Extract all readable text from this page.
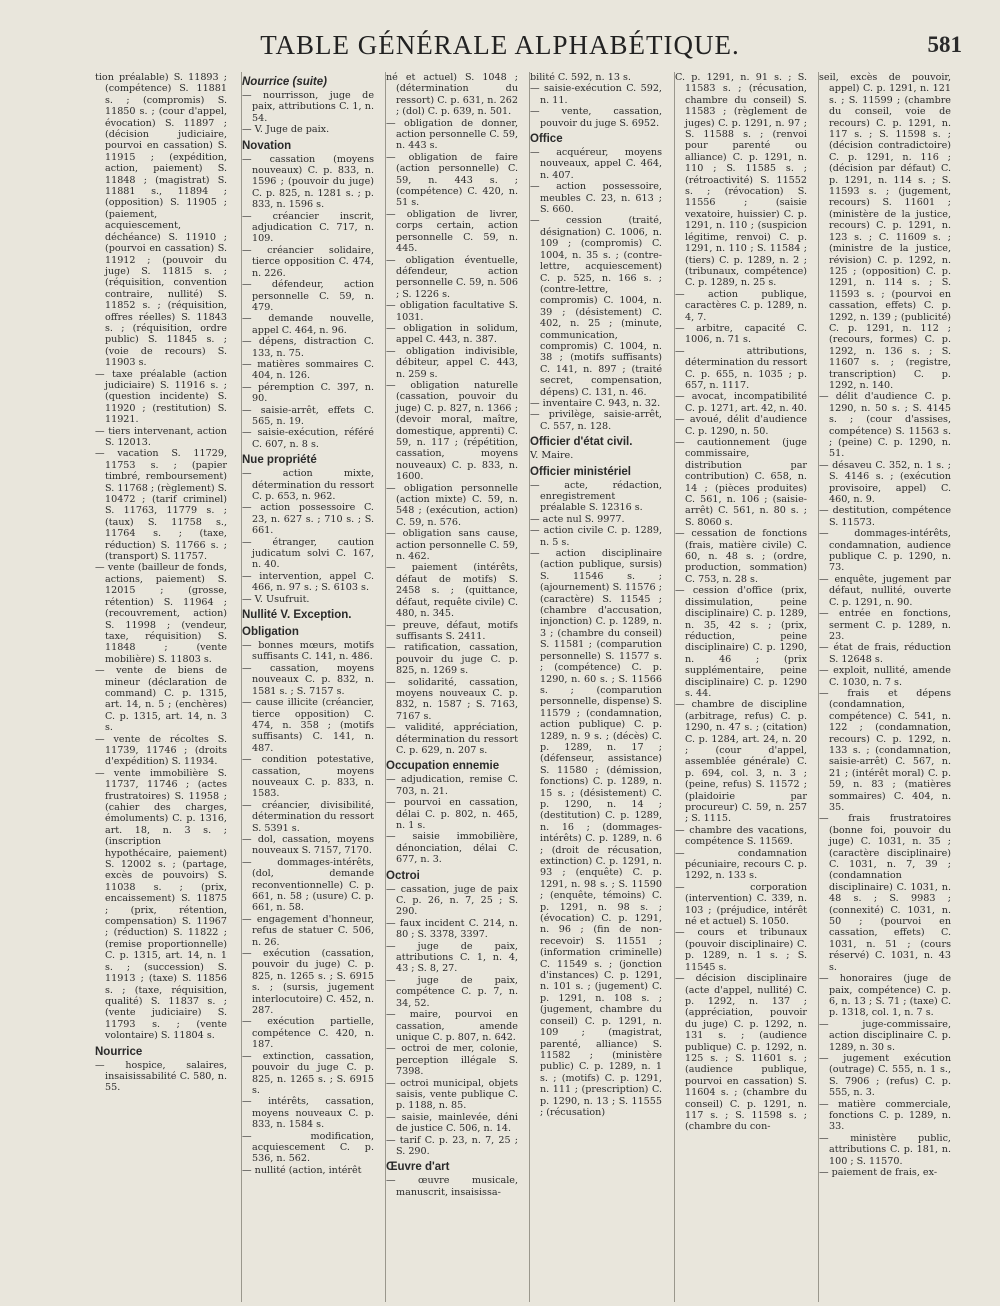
TABLE GÉNÉRALE ALPHABÉTIQUE.	581
tion préalable) S. 11893 ; (compétence) S. 11881 s. ; (compromis) S. 11850 s. ; (cour d'appel, évocation) S. 11897 ; (décision judiciaire, pourvoi en cassation) S. 11915 ; (expédition, action, paiement) S. 11848 ; (magistrat) S. 11881 s., 11894 ; (opposition) S. 11905 ; (paiement, acquiescement, déchéance) S. 11910 ; (pourvoi en cassation) S. 11912 ; (pouvoir du juge) S. 11815 s. ; (réquisition, convention contraire, nullité) S. 11852 s. ; (réquisition, offres réelles) S. 11843 s. ; (réquisition, ordre public) S. 11845 s. ; (voie de recours) S. 11903 s.
— taxe préalable (action judiciaire) S. 11916 s. ; (question incidente) S. 11920 ; (restitution) S. 11921.
— tiers intervenant, action S. 12013.
— vacation S. 11729, 11753 s. ; (papier timbré, remboursement) S. 11768 ; (règlement) S. 10472 ; (tarif criminel) S. 11763, 11779 s. ; (taux) S. 11758 s., 11764 s. ; (taxe, réduction) S. 11766 s. ; (transport) S. 11757.
— vente (bailleur de fonds, actions, paiement) S. 12015 ; (grosse, rétention) S. 11964 ; (recouvrement, action) S. 11998 ; (vendeur, taxe, réquisition) S. 11848 ; (vente mobilière) S. 11803 s.
— vente de biens de mineur (déclaration de command) C. p. 1315, art. 14, n. 5 ; (enchères) C. p. 1315, art. 14, n. 3 s.
— vente de récoltes S. 11739, 11746 ; (droits d'expédition) S. 11934.
— vente immobilière S. 11737, 11746 ; (actes frustratoires) S. 11958 ; (cahier des charges, émoluments) C. p. 1316, art. 18, n. 3 s. ; (inscription hypothécaire, paiement) S. 12002 s. ; (partage, excès de pouvoirs) S. 11038 s. ; (prix, encaissement) S. 11875 ; (prix, rétention, compensation) S. 11967 ; (réduction) S. 11822 ; (remise proportionnelle) C. p. 1315, art. 14, n. 1 s. ; (succession) S. 11913 ; (taxe) S. 11856 s. ; (taxe, réquisition, qualité) S. 11837 s. ; (vente judiciaire) S. 11793 s. ; (vente volontaire) S. 11804 s.
Nourrice
— hospice, salaires, insaisissabilité C. 580, n. 55.
Nourrice (suite)
— nourrisson, juge de paix, attributions C. 1, n. 54.
— V. Juge de paix.
Novation
— cassation (moyens nouveaux) C. p. 833, n. 1596 ; (pouvoir du juge) C. p. 825, n. 1281 s. ; p. 833, n. 1596 s.
— créancier inscrit, adjudication C. 717, n. 109.
— créancier solidaire, tierce opposition C. 474, n. 226.
— défendeur, action personnelle C. 59, n. 479.
— demande nouvelle, appel C. 464, n. 96.
— dépens, distraction C. 133, n. 75.
— matières sommaires C. 404, n. 126.
— péremption C. 397, n. 90.
— saisie-arrêt, effets C. 565, n. 19.
— saisie-exécution, référé C. 607, n. 8 s.
Nue propriété
— action mixte, détermination du ressort C. p. 653, n. 962.
— action possessoire C. 23, n. 627 s. ; 710 s. ; S. 661.
— étranger, caution judicatum solvi C. 167, n. 40.
— intervention, appel C. 466, n. 97 s. ; S. 6103 s.
— V. Usufruit.
Nullité V. Exception.
Obligation
— bonnes mœurs, motifs suffisants C. 141, n. 486.
— cassation, moyens nouveaux C. p. 832, n. 1581 s. ; S. 7157 s.
— cause illicite (créancier, tierce opposition) C. 474, n. 358 ; (motifs suffisants) C. 141, n. 487.
— condition potestative, cassation, moyens nouveaux C. p. 833, n. 1583.
— créancier, divisibilité, détermination du ressort S. 5391 s.
— dol, cassation, moyens nouveaux S. 7157, 7170.
— dommages-intérêts, (dol, demande reconventionnelle) C. p. 661, n. 58 ; (usure) C. p. 661, n. 58.
— engagement d'honneur, refus de statuer C. 506, n. 26.
— exécution (cassation, pouvoir du juge) C. p. 825, n. 1265 s. ; S. 6915 s. ; (sursis, jugement interlocutoire) C. 452, n. 287.
— exécution partielle, compétence C. 420, n. 187.
— extinction, cassation, pouvoir du juge C. p. 825, n. 1265 s. ; S. 6915 s.
— intérêts, cassation, moyens nouveaux C. p. 833, n. 1584 s.
— modification, acquiescement C. p. 536, n. 562.
— nullité (action, intérêt
né et actuel) S. 1048 ; (détermination du ressort) C. p. 631, n. 262 ; (dol) C. p. 639, n. 501.
— obligation de donner, action personnelle C. 59, n. 443 s.
— obligation de faire (action personnelle) C. 59, n. 443 s. ; (compétence) C. 420, n. 51 s.
— obligation de livrer, corps certain, action personnelle C. 59, n. 445.
— obligation éventuelle, défendeur, action personnelle C. 59, n. 506 ; S. 1226 s.
— obligation facultative S. 1031.
— obligation in solidum, appel C. 443, n. 387.
— obligation indivisible, débiteur, appel C. 443, n. 259 s.
— obligation naturelle (cassation, pouvoir du juge) C. p. 827, n. 1366 ; (devoir moral, maître, domestique, apprenti) C. 59, n. 117 ; (répétition, cassation, moyens nouveaux) C. p. 833, n. 1600.
— obligation personnelle (action mixte) C. 59, n. 548 ; (exécution, action) C. 59, n. 576.
— obligation sans cause, action personnelle C. 59, n. 462.
— paiement (intérêts, défaut de motifs) S. 2458 s. ; (quittance, défaut, requête civile) C. 480, n. 345.
— preuve, défaut, motifs suffisants S. 2411.
— ratification, cassation, pouvoir du juge C. p. 825, n. 1269 s.
— solidarité, cassation, moyens nouveaux C. p. 832, n. 1587 ; S. 7163, 7167 s.
— validité, appréciation, détermination du ressort C. p. 629, n. 207 s.
Occupation ennemie
— adjudication, remise C. 703, n. 21.
— pourvoi en cassation, délai C. p. 802, n. 465, n. 1 s.
— saisie immobilière, dénonciation, délai C. 677, n. 3.
Octroi
— cassation, juge de paix C. p. 26, n. 7, 25 ; S. 290.
— faux incident C. 214, n. 80 ; S. 3378, 3397.
— juge de paix, attributions C. 1, n. 4, 43 ; S. 8, 27.
— juge de paix, compétence C. p. 7, n. 34, 52.
— maire, pourvoi en cassation, amende unique C. p. 807, n. 642.
— octroi de mer, colonie, perception illégale S. 7398.
— octroi municipal, objets saisis, vente publique C. p. 1188, n. 85.
— saisie, mainlevée, déni de justice C. 506, n. 14.
— tarif C. p. 23, n. 7, 25 ; S. 290.
Œuvre d'art
— œuvre musicale, manuscrit, insaisissa-
bilité C. 592, n. 13 s.
— saisie-exécution C. 592, n. 11.
— vente, cassation, pouvoir du juge S. 6952.
Office
— acquéreur, moyens nouveaux, appel C. 464, n. 407.
— action possessoire, meubles C. 23, n. 613 ; S. 660.
— cession (traité, désignation) C. 1006, n. 109 ; (compromis) C. 1004, n. 35 s. ; (contre-lettre, acquiescement) C. p. 525, n. 166 s. ; (contre-lettre, compromis) C. 1004, n. 39 ; (désistement) C. 402, n. 25 ; (minute, communication, compromis) C. 1004, n. 38 ; (motifs suffisants) C. 141, n. 897 ; (traité secret, compensation, dépens) C. 131, n. 46.
— inventaire C. 943, n. 32.
— privilège, saisie-arrêt, C. 557, n. 128.
Officier d'état civil.
V. Maire.
Officier ministériel
— acte, rédaction, enregistrement préalable S. 12316 s.
— acte nul S. 9977.
— action civile C. p. 1289, n. 5 s.
— action disciplinaire (action publique, sursis) S. 11546 s. ; (ajournement) S. 11576 ; (caractère) S. 11545 ; (chambre d'accusation, injonction) C. p. 1289, n. 3 ; (chambre du conseil) S. 11581 ; (comparution personnelle) S. 11577 s. ; (compétence) C. p. 1290, n. 60 s. ; S. 11566 s. ; (comparution personnelle, dispense) S. 11579 ; (condamnation, action publique) C. p. 1289, n. 9 s. ; (décès) C. p. 1289, n. 17 ; (défenseur, assistance) S. 11580 ; (démission, fonctions) C. p. 1289, n. 15 s. ; (désistement) C. p. 1290, n. 14 ; (destitution) C. p. 1289, n. 16 ; (dommages-intérêts) C. p. 1289, n. 6 ; (droit de récusation, extinction) C. p. 1291, n. 93 ; (enquête) C. p. 1291, n. 98 s. ; S. 11590 ; (enquête, témoins) C. p. 1291, n. 98 s. ; (évocation) C. p. 1291, n. 96 ; (fin de non-recevoir) S. 11551 ; (information criminelle) C. 11549 s. ; (jonction d'instances) C. p. 1291, n. 101 s. ; (jugement) C. p. 1291, n. 108 s. ; (jugement, chambre du conseil) C. p. 1291, n. 109 ; (magistrat, parenté, alliance) S. 11582 ; (ministère public) C. p. 1289, n. 1 s. ; (motifs) C. p. 1291, n. 111 ; (prescription) C. p. 1290, n. 13 ; S. 11555 ; (récusation)
C. p. 1291, n. 91 s. ; S. 11583 s. ; (récusation, chambre du conseil) S. 11583 ; (règlement de juges) C. p. 1291, n. 97 ; S. 11588 s. ; (renvoi pour parenté ou alliance) C. p. 1291, n. 110 ; S. 11585 s. ; (rétroactivité) S. 11552 s. ; (révocation) S. 11556 ; (saisie vexatoire, huissier) C. p. 1291, n. 110 ; (suspicion légitime, renvoi) C. p. 1291, n. 110 ; S. 11584 ; (tiers) C. p. 1289, n. 2 ; (tribunaux, compétence) C. p. 1289, n. 25 s.
— action publique, caractères C. p. 1289, n. 4, 7.
— arbitre, capacité C. 1006, n. 71 s.
— attributions, détermination du ressort C. p. 655, n. 1035 ; p. 657, n. 1117.
— avocat, incompatibilité C. p. 1271, art. 42, n. 40.
— avoué, délit d'audience C. p. 1290, n. 50.
— cautionnement (juge commissaire, distribution par contribution) C. 658, n. 14 ; (pièces produites) C. 561, n. 106 ; (saisie-arrêt) C. 561, n. 80 s. ; S. 8060 s.
— cessation de fonctions (frais, matière civile) C. 60, n. 48 s. ; (ordre, production, sommation) C. 753, n. 28 s.
— cession d'office (prix, dissimulation, peine disciplinaire) C. p. 1289, n. 35, 42 s. ; (prix, réduction, peine disciplinaire) C. p. 1290, n. 46 ; (prix supplémentaire, peine disciplinaire) C. p. 1290 s. 44.
— chambre de discipline (arbitrage, refus) C. p. 1290, n. 47 s. ; (citation) C. p. 1284, art. 24, n. 20 ; (cour d'appel, assemblée générale) C. p. 694, col. 3, n. 3 ; (peine, refus) S. 11572 ; (plaidoirie par procureur) C. 59, n. 257 ; S. 1115.
— chambre des vacations, compétence S. 11569.
— condamnation pécuniaire, recours C. p. 1292, n. 133 s.
— corporation (intervention) C. 339, n. 103 ; (préjudice, intérêt né et actuel) S. 1050.
— cours et tribunaux (pouvoir disciplinaire) C. p. 1289, n. 1 s. ; S. 11545 s.
— décision disciplinaire (acte d'appel, nullité) C. p. 1292, n. 137 ; (appréciation, pouvoir du juge) C. p. 1292, n. 131 s. ; (audience publique) C. p. 1292, n. 125 s. ; S. 11601 s. ; (audience publique, pourvoi en cassation) S. 11604 s. ; (chambre du conseil) C. p. 1291, n. 117 s. ; S. 11598 s. ; (chambre du con-
seil, excès de pouvoir, appel) C. p. 1291, n. 121 s. ; S. 11599 ; (chambre du conseil, voie de recours) C. p. 1291, n. 117 s. ; S. 11598 s. ; (décision contradictoire) C. p. 1291, n. 116 ; (décision par défaut) C. p. 1291, n. 114 s. ; S. 11593 s. ; (jugement, recours) S. 11601 ; (ministère de la justice, recours) C. p. 1291, n. 123 s. ; C. 11609 s. ; (ministre de la justice, révision) C. p. 1292, n. 125 ; (opposition) C. p. 1291, n. 114 s. ; S. 11593 s. ; (pourvoi en cassation, effets) C. p. 1292, n. 139 ; (publicité) C. p. 1291, n. 112 ; (recours, formes) C. p. 1292, n. 136 s. ; S. 11607 s. ; (registre, transcription) C. p. 1292, n. 140.
— délit d'audience C. p. 1290, n. 50 s. ; S. 4145 s. ; (cour d'assises, compétence) S. 11563 s. ; (peine) C. p. 1290, n. 51.
— désaveu C. 352, n. 1 s. ; S. 4146 s. ; (exécution provisoire, appel) C. 460, n. 9.
— destitution, compétence S. 11573.
— dommages-intérêts, condamnation, audience publique C. p. 1290, n. 73.
— enquête, jugement par défaut, nullité, ouverte C. p. 1291, n. 90.
— entrée en fonctions, serment C. p. 1289, n. 23.
— état de frais, réduction S. 12648 s.
— exploit, nullité, amende C. 1030, n. 7 s.
— frais et dépens (condamnation, compétence) C. 541, n. 122 ; (condamnation, recours) C. p. 1292, n. 133 s. ; (condamnation, saisie-arrêt) C. 567, n. 21 ; (intérêt moral) C. p. 59, n. 83 ; (matières sommaires) C. 404, n. 35.
— frais frustratoires (bonne foi, pouvoir du juge) C. 1031, n. 35 ; (caractère disciplinaire) C. 1031, n. 7, 39 ; (condamnation disciplinaire) C. 1031, n. 48 s. ; S. 9983 ; (connexité) C. 1031, n. 50 ; (pourvoi en cassation, effets) C. 1031, n. 51 ; (cours réservé) C. 1031, n. 43 s.
— honoraires (juge de paix, compétence) C. p. 6, n. 13 ; S. 71 ; (taxe) C. p. 1318, col. 1, n. 7 s.
— juge-commissaire, action disciplinaire C. p. 1289, n. 30 s.
— jugement exécution (outrage) C. 555, n. 1 s., S. 7906 ; (refus) C. p. 555, n. 3.
— matière commerciale, fonctions C. p. 1289, n. 33.
— ministère public, attributions C. p. 181, n. 100 ; S. 11570.
— paiement de frais, ex-
